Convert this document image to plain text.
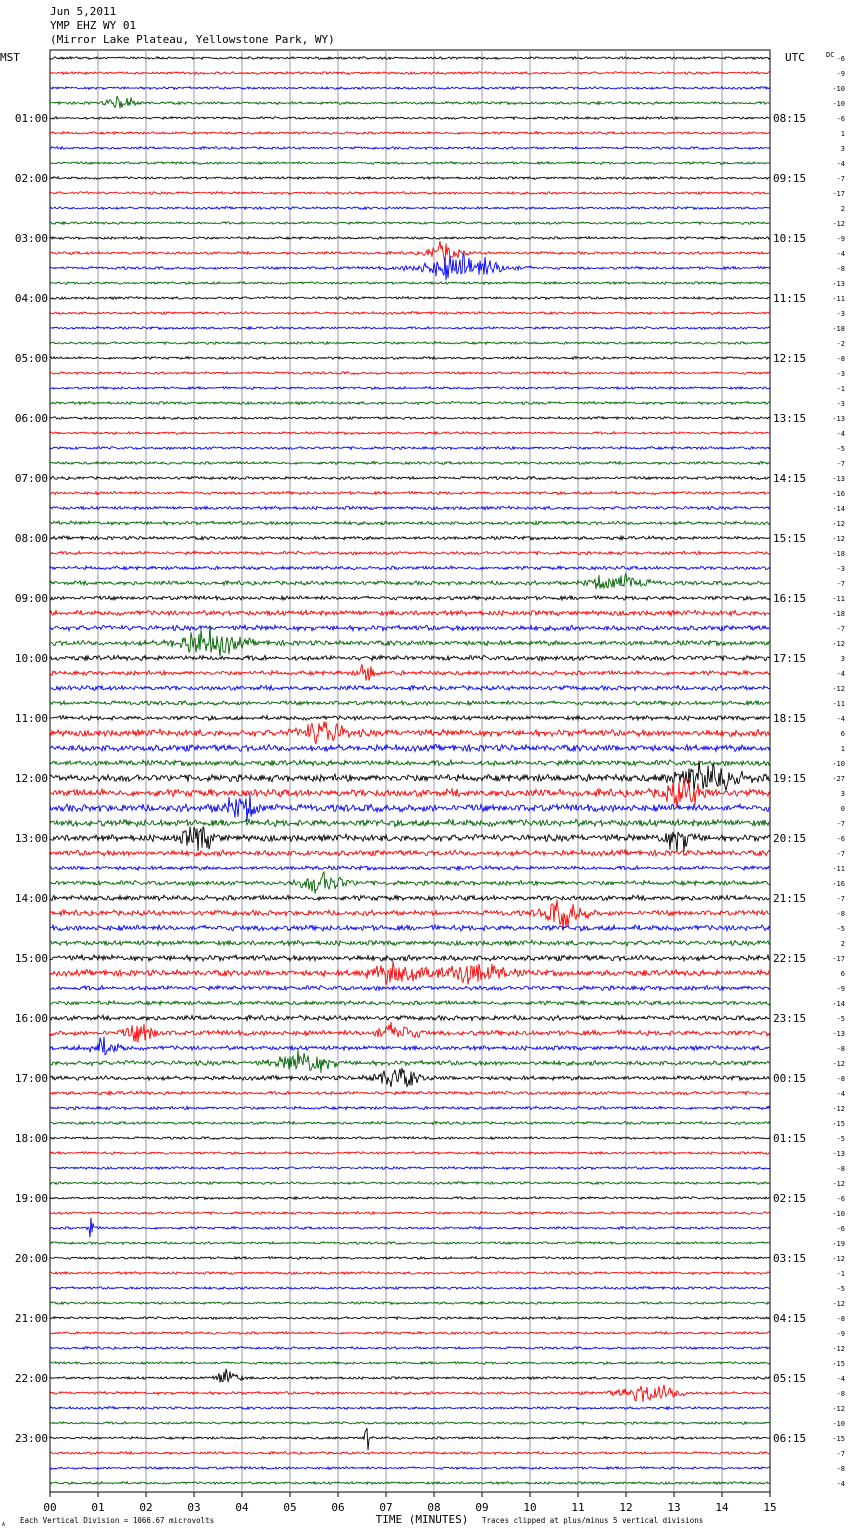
-6
-9
-10
-10
-6
1
3
-4
-7
-17
2
-12
-9
-4
-8
-13
-11
-3
-18
-2
-8
-3
-1
-3
-13
-4
-5
-7
-13
-16
-14
-12
-12
-18
-3
-7
-11
-18
-7
-12
3
-4
-12
-11
-4
6
1
-10
-27
3
0
-7
-6
-7
-11
-16
-7
-8
-5
2
-17
6
-9
-14
-5
-13
-8
-12
-8
-4
-12
-15
-5
-13
-8
-12
-6
-10
-6
-19
-12
-1
-5
-12
-8
-9
-12
-15
-4
-8
-12
-10
-15
-7
-8
-4
MST	UTC	DC
01:00	08:15
02:00	09:15
03:00	10:15
04:00	11:15
05:00	12:15
06:00	13:15
07:00	14:15
08:00	15:15
09:00	16:15
10:00	17:15
11:00	18:15
12:00	19:15
13:00	20:15
14:00	21:15
15:00	22:15
16:00	23:15
17:00	00:15
18:00	01:15
19:00	02:15
20:00	03:15
21:00	04:15
22:00	05:15
23:00	06:15
00	01	02	03	04	05	06	07	08	09	10	11	12	13	14	15
Each Vertical Division = 1066.67 microvolts	TIME (MINUTES) Traces clipped at plus/minus 5 vertical divisions
A
Jun 5,2011
YMP EHZ WY 01
(Mirror Lake Plateau, Yellowstone Park, WY)
